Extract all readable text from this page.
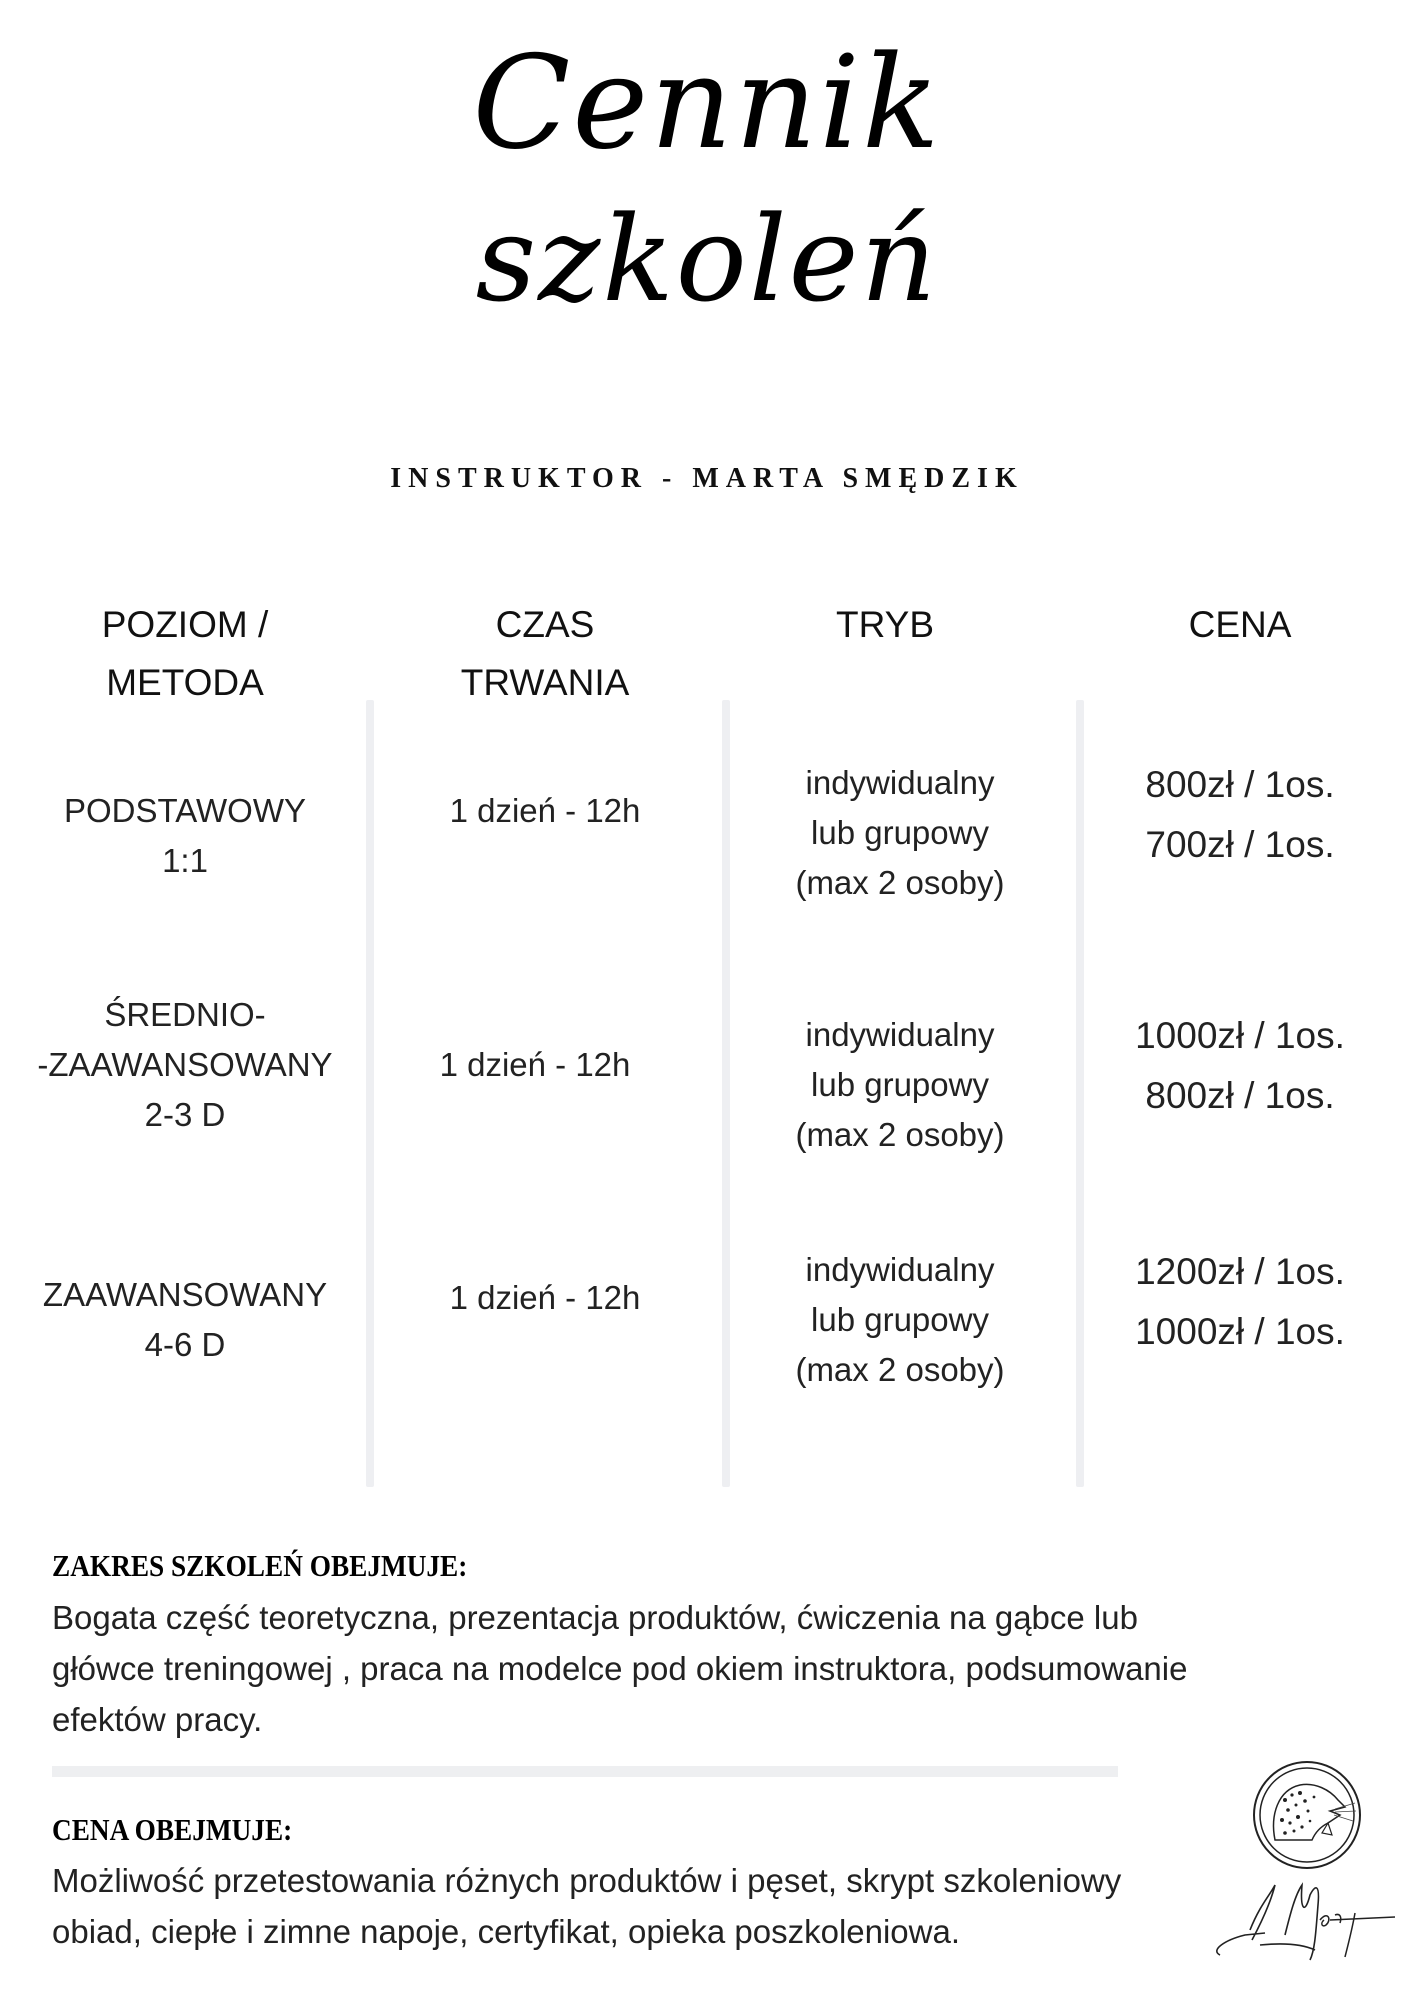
Cennik
szkoleń
INSTRUKTOR - MARTA SMĘDZIK
POZIOM /
METODA
CZAS
TRWANIA
TRYB	CENA
PODSTAWOWY
1:1
1 dzień - 12h
indywidualny
lub grupowy
(max 2 osoby)
800zł / 1os.
700zł / 1os.
ŚREDNIO-
-ZAAWANSOWANY
2-3 D
1 dzień - 12h
indywidualny
lub grupowy
(max 2 osoby)
1000zł / 1os.
800zł / 1os.
ZAAWANSOWANY
4-6 D
1 dzień - 12h
indywidualny
lub grupowy
(max 2 osoby)
1200zł / 1os.
1000zł / 1os.
ZAKRES SZKOLEŃ OBEJMUJE:
Bogata część teoretyczna, prezentacja produktów, ćwiczenia na gąbce lub
główce treningowej , praca na modelce pod okiem instruktora, podsumowanie
efektów pracy.
CENA OBEJMUJE:
Możliwość przetestowania różnych produktów i pęset, skrypt szkoleniowy
obiad, ciepłe i zimne napoje, certyfikat, opieka poszkoleniowa.
